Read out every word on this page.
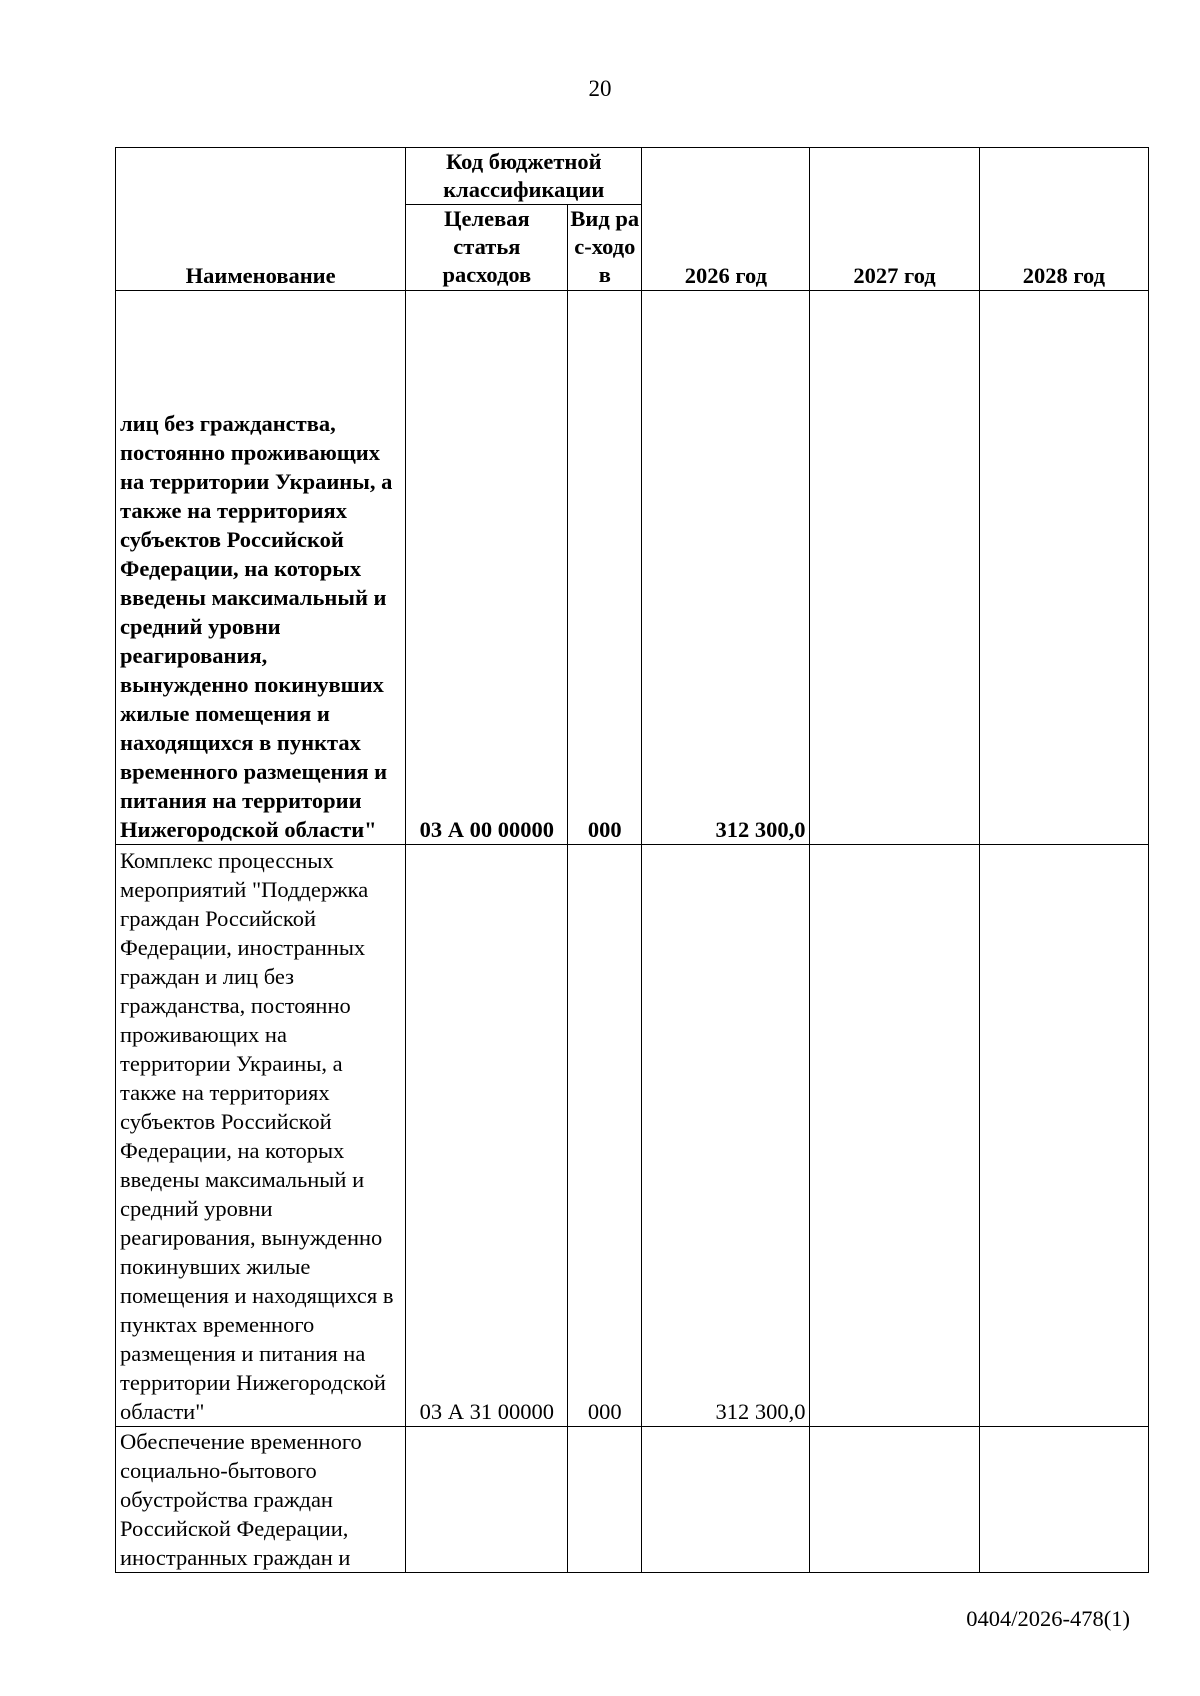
20
Наименование	Код бюджетной классификации		2026 год	2027 год	2028 год
	Целевая статья расходов	Вид рас-ходов			
лиц без гражданства, постоянно проживающих на территории Украины, а также на территориях субъектов Российской Федерации, на которых введены максимальный и средний уровни реагирования, вынужденно покинувших жилые помещения и находящихся в пунктах временного размещения и питания на территории Нижегородской области"	03 А 00 00000	000	312 300,0		
Комплекс процессных мероприятий "Поддержка граждан Российской Федерации, иностранных граждан и лиц без гражданства, постоянно проживающих на территории Украины, а также на территориях субъектов Российской Федерации, на которых введены максимальный и средний уровни реагирования, вынужденно покинувших жилые помещения и находящихся в пунктах временного размещения и питания на территории Нижегородской области"	03 А 31 00000	000	312 300,0		
Обеспечение временного социально-бытового обустройства граждан Российской Федерации, иностранных граждан и					
0404/2026-478(1)
